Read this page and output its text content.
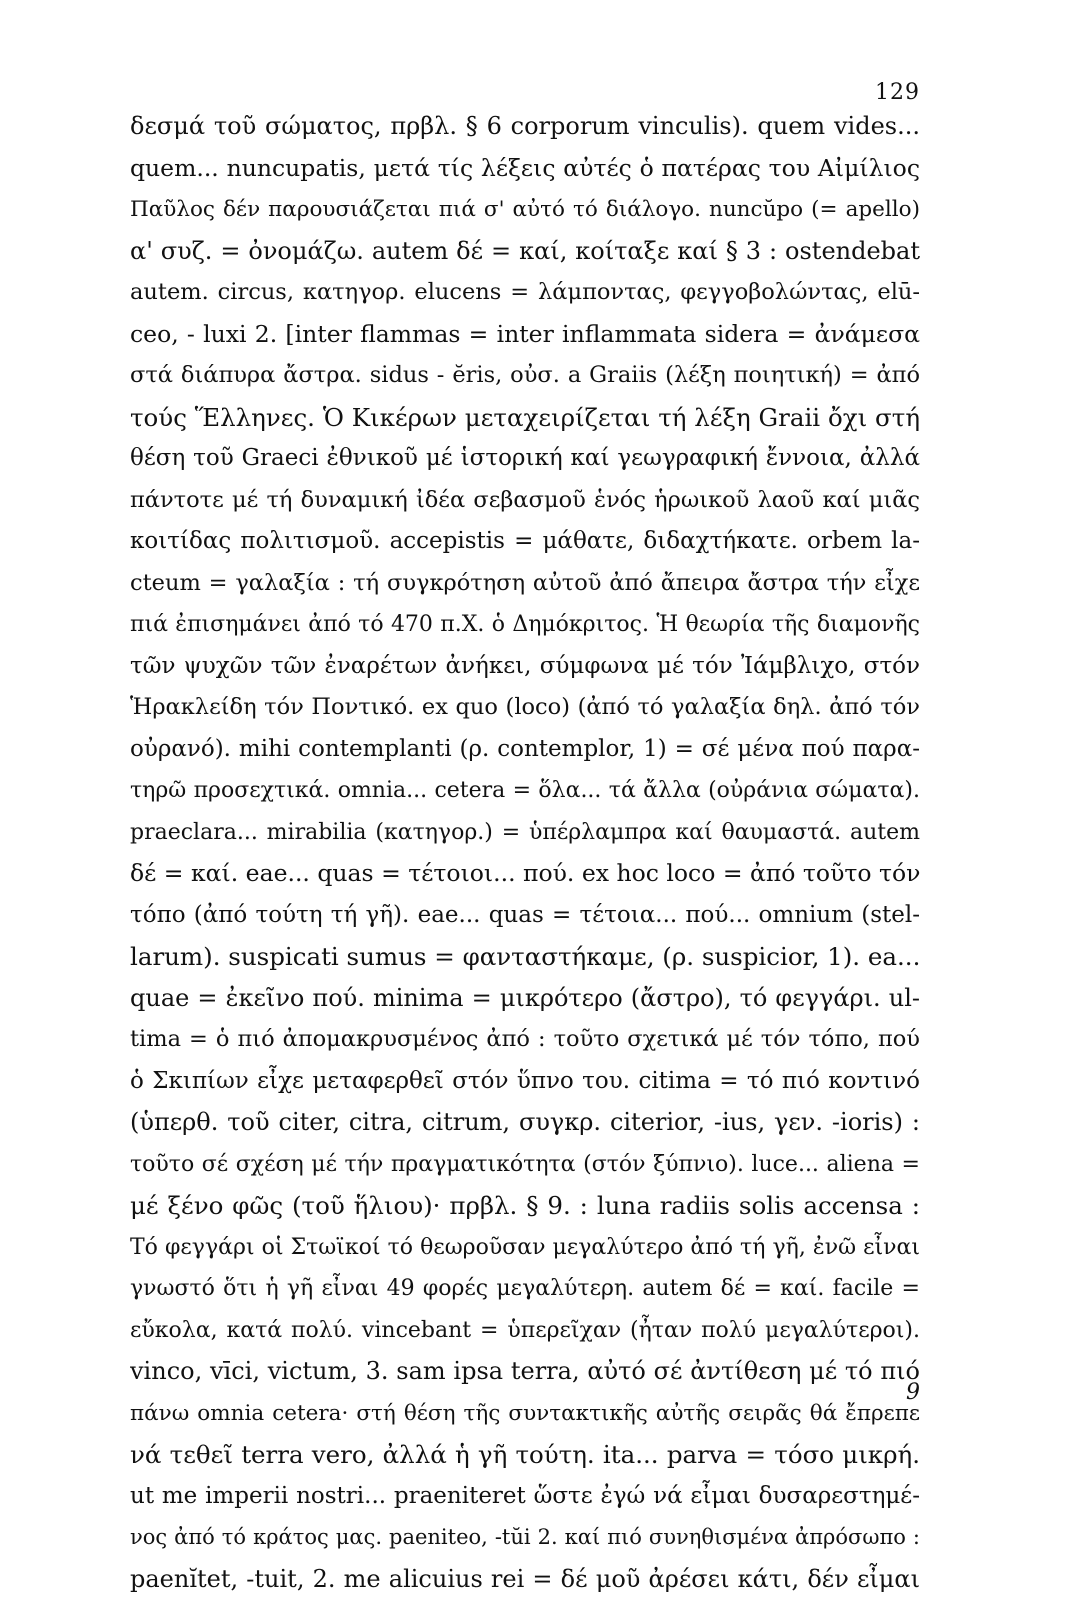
129
δεσμά τοῦ σώματος, πρβλ. § 6 corporum vinculis). quem vides...
quem... nuncupatis, μετά τίς λέξεις αὐτές ὁ πατέρας του Αἰμίλιος
Παῦλος δέν παρουσιάζεται πιά σ' αὐτό τό διάλογο. nuncŭpo (= apello)
α' συζ. = ὀνομάζω. autem δέ = καί, κοίταξε καί § 3 : ostendebat
autem. circus, κατηγορ. elucens = λάμποντας, φεγγοβολώντας, elū-
ceo, - luxi 2. [inter flammas = inter inflammata sidera = ἀνάμεσα
στά διάπυρα ἄστρα. sidus - ĕris, οὐσ. a Graiis (λέξη ποιητική) = ἀπό
τούς Ἕλληνες. Ὁ Κικέρων μεταχειρίζεται τή λέξη Graii ὄχι στή
θέση τοῦ Graeci ἐθνικοῦ μέ ἱστορική καί γεωγραφική ἔννοια, ἀλλά
πάντοτε μέ τή δυναμική ἰδέα σεβασμοῦ ἑνός ἡρωικοῦ λαοῦ καί μιᾶς
κοιτίδας πολιτισμοῦ. accepistis = μάθατε, διδαχτήκατε. orbem la-
cteum = γαλαξία : τή συγκρότηση αὐτοῦ ἀπό ἄπειρα ἄστρα τήν εἶχε
πιά ἐπισημάνει ἀπό τό 470 π.Χ. ὁ Δημόκριτος. Ἡ θεωρία τῆς διαμονῆς
τῶν ψυχῶν τῶν ἐναρέτων ἀνήκει, σύμφωνα μέ τόν Ἰάμβλιχο, στόν
Ἡρακλείδη τόν Ποντικό. ex quo (loco) (ἀπό τό γαλαξία δηλ. ἀπό τόν
οὐρανό). mihi contemplanti (ρ. contemplor, 1) = σέ μένα πού παρα-
τηρῶ προσεχτικά. omnia... cetera = ὅλα... τά ἄλλα (οὐράνια σώματα).
praeclara... mirabilia (κατηγορ.) = ὑπέρλαμπρα καί θαυμαστά. autem
δέ = καί. eae... quas = τέτοιοι... πού. ex hoc loco = ἀπό τοῦτο τόν
τόπο (ἀπό τούτη τή γῆ). eae... quas = τέτοια... πού... omnium (stel-
larum). suspicati sumus = φανταστήκαμε, (ρ. suspicior, 1). ea...
quae = ἐκεῖνο πού. minima = μικρότερο (ἄστρο), τό φεγγάρι. ul-
tima = ὁ πιό ἀπομακρυσμένος ἀπό : τοῦτο σχετικά μέ τόν τόπο, πού
ὁ Σκιπίων εἶχε μεταφερθεῖ στόν ὕπνο του. citima = τό πιό κοντινό
(ὑπερθ. τοῦ citer, citra, citrum, συγκρ. citerior, -ius, γεν. -ioris) :
τοῦτο σέ σχέση μέ τήν πραγματικότητα (στόν ξύπνιο). luce... aliena =
μέ ξένο φῶς (τοῦ ἥλιου)· πρβλ. § 9. : luna radiis solis accensa :
Τό φεγγάρι οἱ Στωϊκοί τό θεωροῦσαν μεγαλύτερο ἀπό τή γῆ, ἐνῶ εἶναι
γνωστό ὅτι ἡ γῆ εἶναι 49 φορές μεγαλύτερη. autem δέ = καί. facile =
εὔκολα, κατά πολύ. vincebant = ὑπερεῖχαν (ἦταν πολύ μεγαλύτεροι).
vinco, vīci, victum, 3. sam ipsa terra, αὐτό σέ ἀντίθεση μέ τό πιό
πάνω omnia cetera· στή θέση τῆς συντακτικῆς αὐτῆς σειρᾶς θά ἔπρεπε
νά τεθεῖ terra vero, ἀλλά ἡ γῆ τούτη. ita... parva = τόσο μικρή.
ut me imperii nostri... praeniteret ὥστε ἐγώ νά εἶμαι δυσαρεστημέ-
νος ἀπό τό κράτος μας. paeniteo, -tŭi 2. καί πιό συνηθισμένα ἀπρόσωπο :
paenĭtet, -tuit, 2. me alicuius rei = δέ μοῦ ἀρέσει κάτι, δέν εἶμαι
9
